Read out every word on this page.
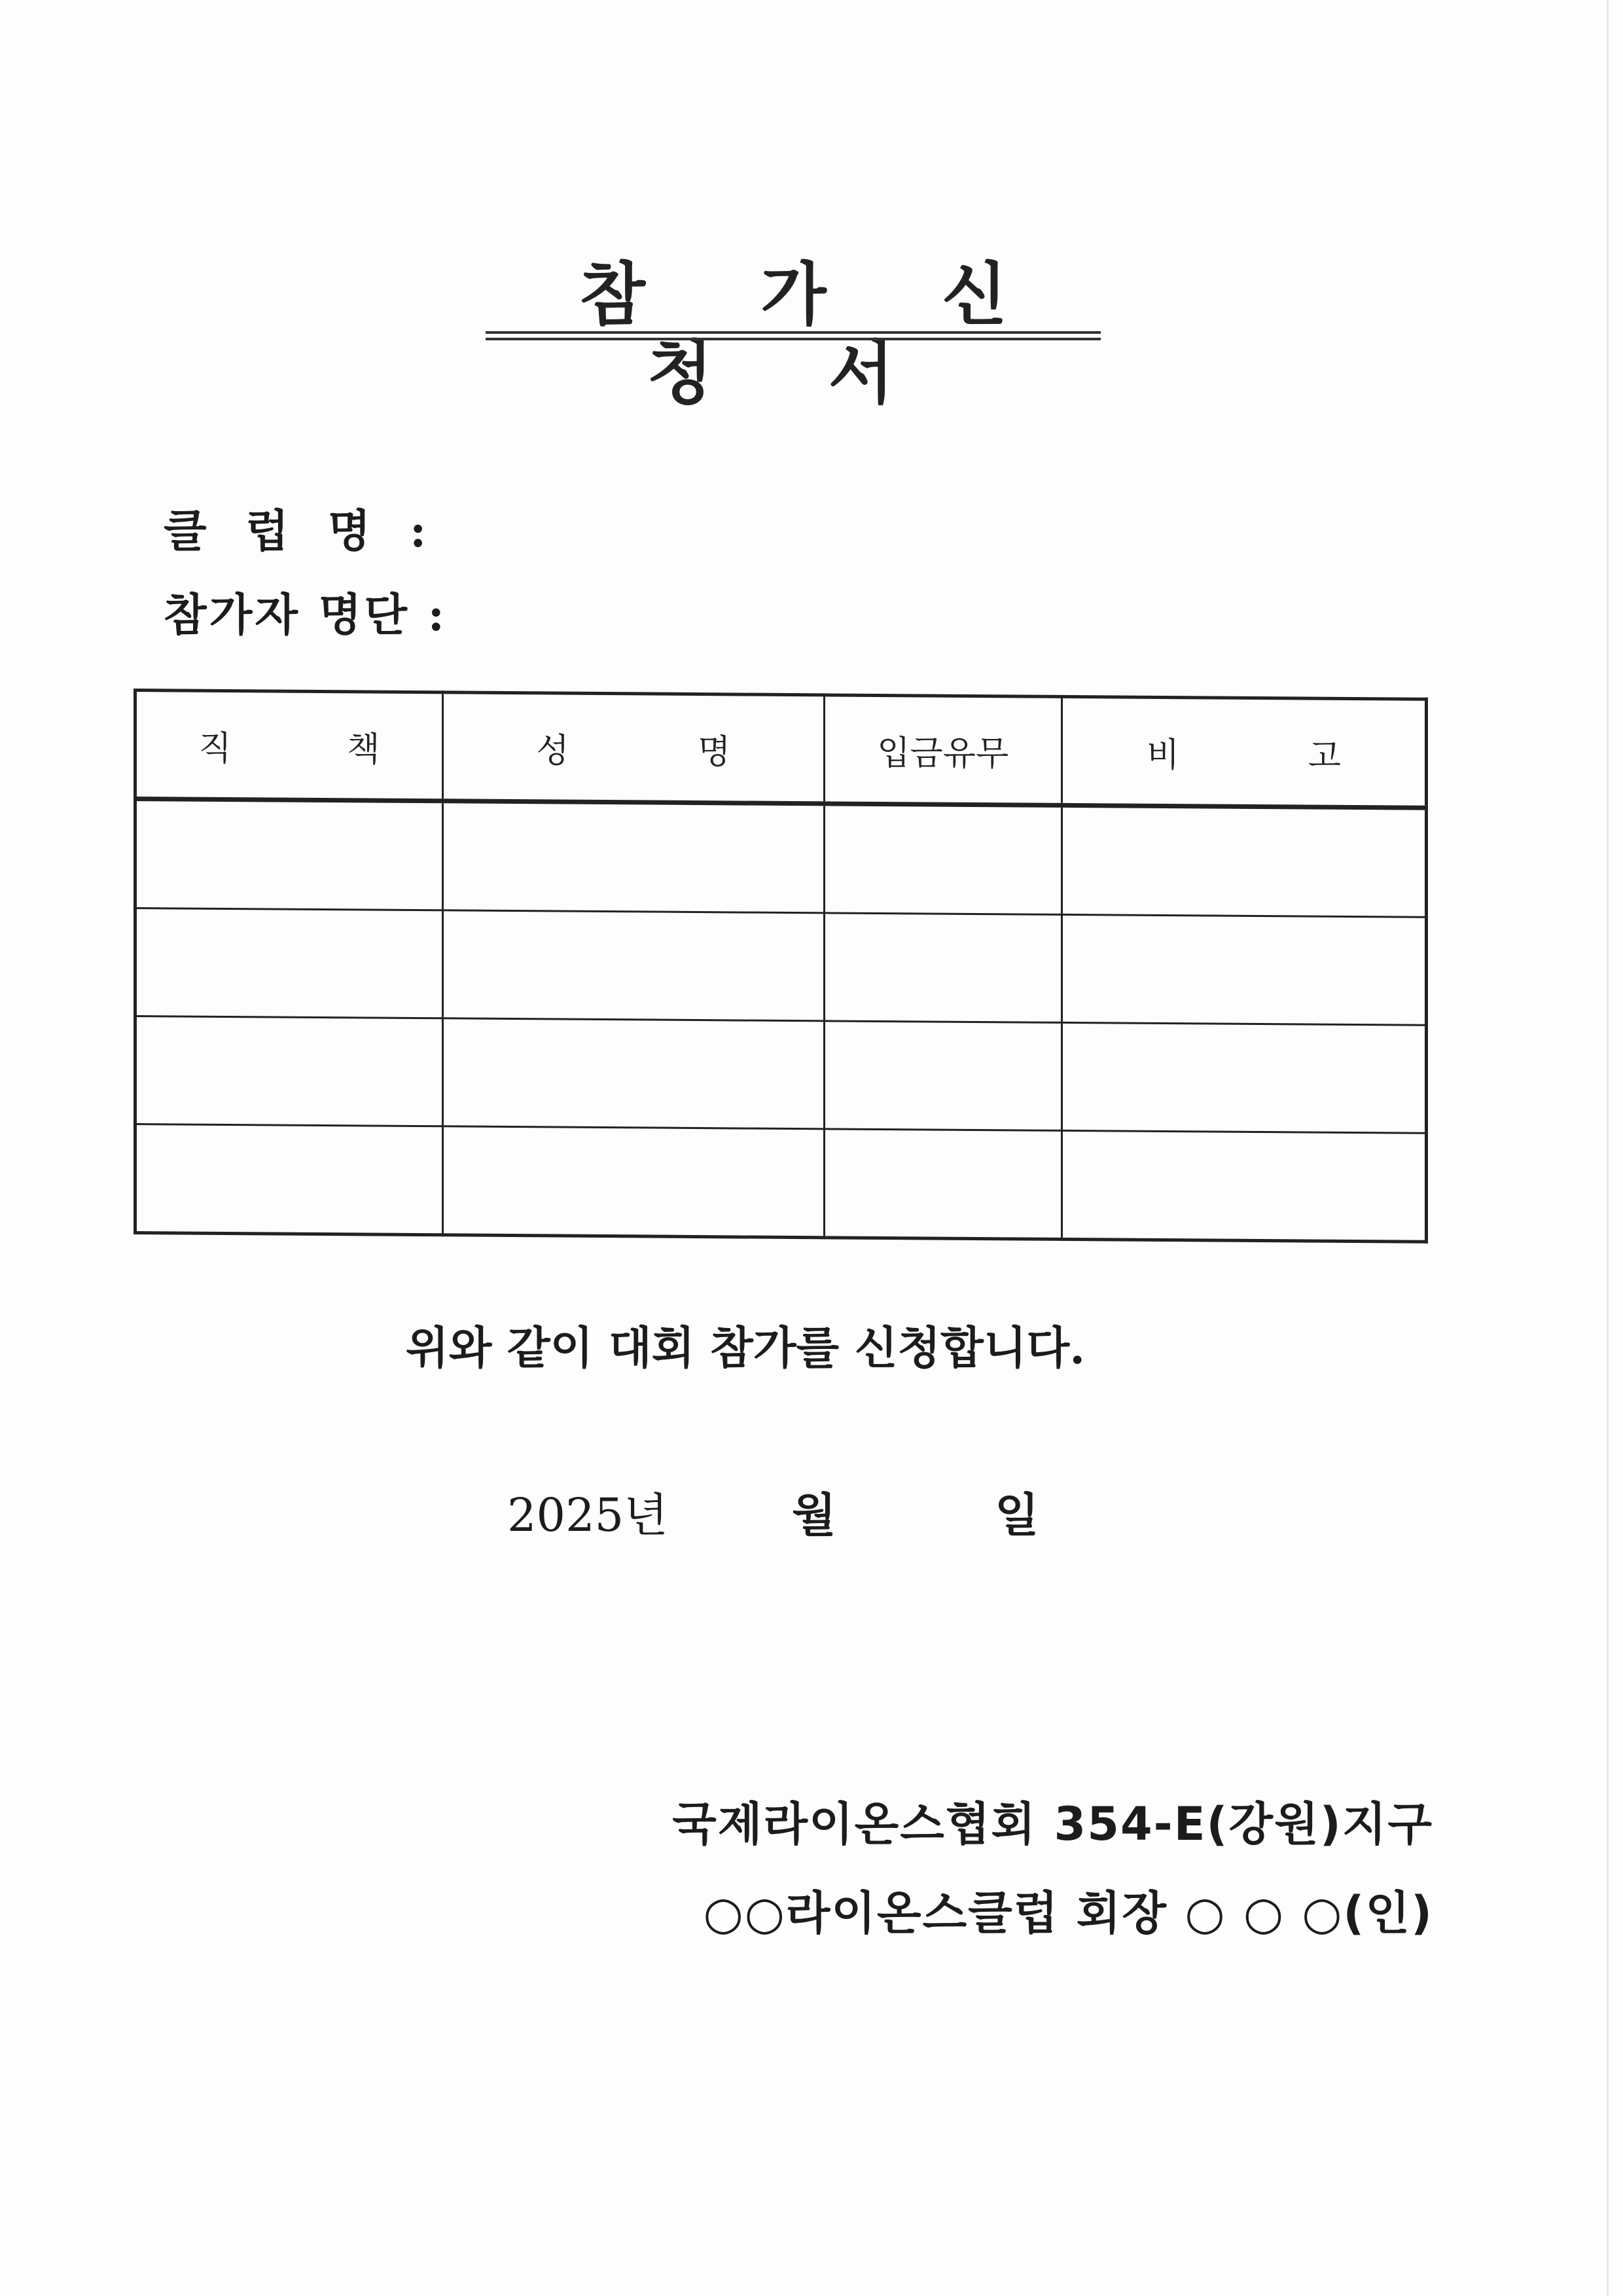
참 가 신 청 서
클 럽 명 :
참가자 명단 :
직 책	성 명	입금유무	비 고

위와 같이 대회 참가를 신청합니다.
2025년	월	일
국제라이온스협회 354-E(강원)지구
○○라이온스클럽 회장 ○ ○ ○(인)
